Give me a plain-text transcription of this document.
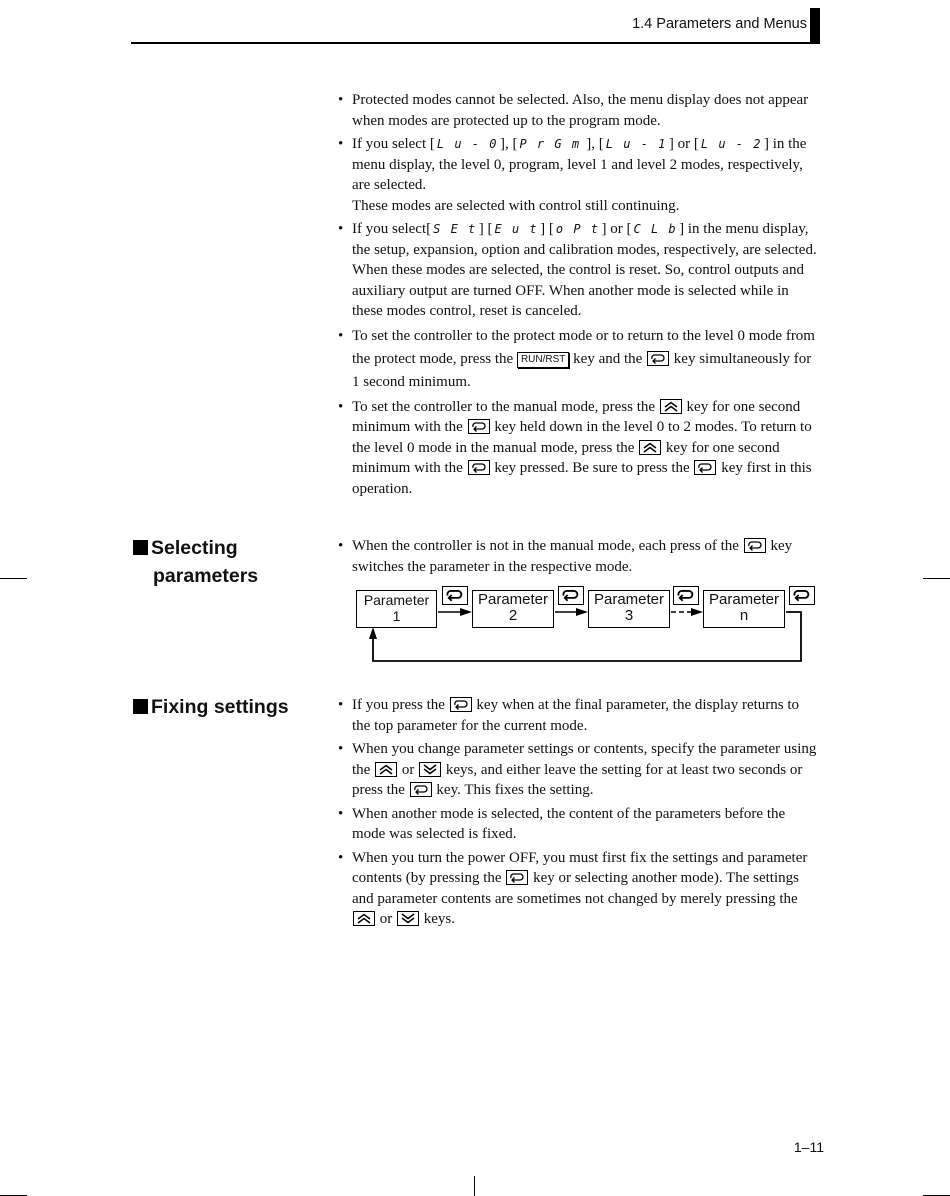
1.4 Parameters and Menus
Selecting
parameters
Fixing settings
• Protected modes cannot be selected. Also, the menu display does not appear when modes are protected up to the program mode.
• If you select [ L u - 0 ], [ P r G m ], [ L u - 1 ] or [ L u - 2 ] in the menu display, the level 0, program, level 1 and level 2 modes, respectively, are selected.
These modes are selected with control still continuing.
• If you select[ S E t ] [ E u t ] [ o P t ] or [ C L b ] in the menu display, the setup, expansion, option and calibration modes, respectively, are selected.
When these modes are selected, the control is reset. So, control outputs and auxiliary output are turned OFF. When another mode is selected while in these modes control, reset is canceled.
• To set the controller to the protect mode or to return to the level 0 mode from the protect mode, press the RUN/RST key and the key simultaneously for 1 second minimum.
• To set the controller to the manual mode, press the key for one second minimum with the key held down in the level 0 to 2 modes. To return to the level 0 mode in the manual mode, press the key for one second minimum with the key pressed. Be sure to press the key first in this operation.
• When the controller is not in the manual mode, each press of the key switches the parameter in the respective mode.
Parameter
1
Parameter
2
Parameter
3
Parameter
n
• If you press the key when at the final parameter, the display returns to the top parameter for the current mode.
• When you change parameter settings or contents, specify the parameter using the or keys, and either leave the setting for at least two seconds or press the key. This fixes the setting.
• When another mode is selected, the content of the parameters before the mode was selected is fixed.
• When you turn the power OFF, you must first fix the settings and parameter contents (by pressing the key or selecting another mode). The settings and parameter contents are sometimes not changed by merely pressing the
or keys.
1–11
